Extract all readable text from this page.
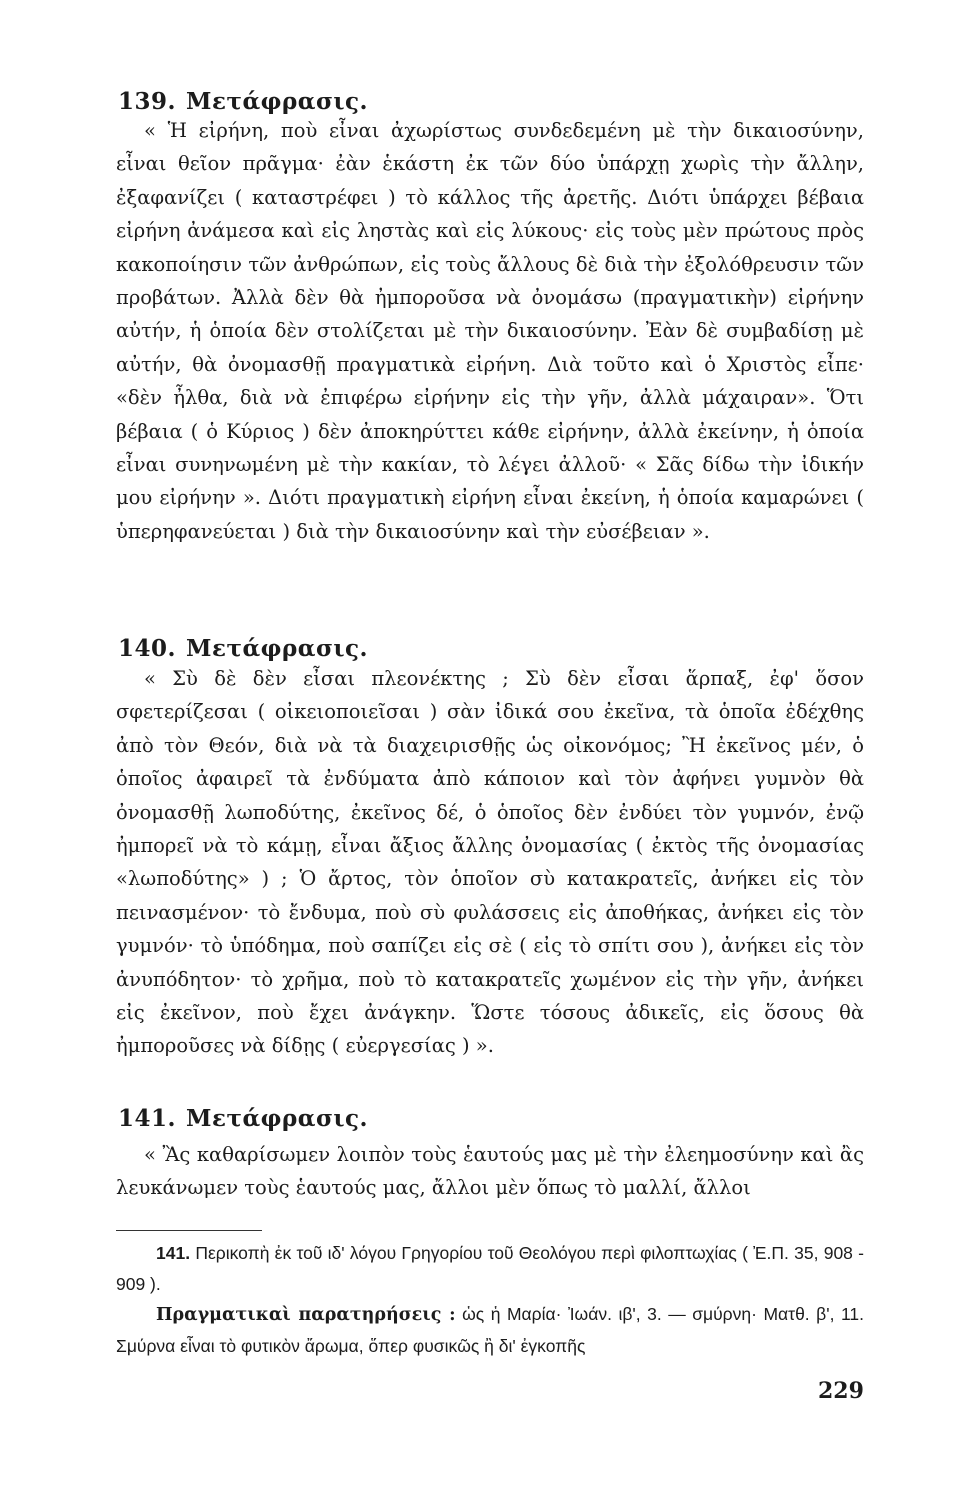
139. Μετάφρασις.

« Ἡ εἰρήνη, ποὺ εἶναι ἀχωρίστως συνδεδεμένη μὲ τὴν δικαιοσύνην, εἶναι θεῖον πρᾶγμα· ἐὰν ἑκάστη ἐκ τῶν δύο ὑπάρχῃ χωρὶς τὴν ἄλλην, ἐξαφανίζει ( καταστρέφει ) τὸ κάλλος τῆς ἀρετῆς. Διότι ὑπάρχει βέβαια εἰρήνη ἀνάμεσα καὶ εἰς ληστὰς καὶ εἰς λύκους· εἰς τοὺς μὲν πρώτους πρὸς κακοποίησιν τῶν ἀνθρώπων, εἰς τοὺς ἄλλους δὲ διὰ τὴν ἐξολόθρευσιν τῶν προβάτων. Ἀλλὰ δὲν θὰ ἠμποροῦσα νὰ ὀνομάσω (πραγματικὴν) εἰρήνην αὐτήν, ἡ ὁποία δὲν στολίζεται μὲ τὴν δικαιοσύνην. Ἐὰν δὲ συμβαδίσῃ μὲ αὐτήν, θὰ ὀνομασθῇ πραγματικὰ εἰρήνη. Διὰ τοῦτο καὶ ὁ Χριστὸς εἶπε· «δὲν ἦλθα, διὰ νὰ ἐπιφέρω εἰρήνην εἰς τὴν γῆν, ἀλλὰ μάχαιραν». Ὅτι βέβαια ( ὁ Κύριος ) δὲν ἀποκηρύττει κάθε εἰρήνην, ἀλλὰ ἐκείνην, ἡ ὁποία εἶναι συνηνωμένη μὲ τὴν κακίαν, τὸ λέγει ἀλλοῦ· « Σᾶς δίδω τὴν ἰδικήν μου εἰρήνην ». Διότι πραγματικὴ εἰρήνη εἶναι ἐκείνη, ἡ ὁποία καμαρώνει ( ὑπερηφανεύεται ) διὰ τὴν δικαιοσύνην καὶ τὴν εὐσέβειαν ».

140. Μετάφρασις.

« Σὺ δὲ δὲν εἶσαι πλεονέκτης ; Σὺ δὲν εἶσαι ἅρπαξ, ἐφ' ὅσον σφετερίζεσαι ( οἰκειοποιεῖσαι ) σὰν ἰδικά σου ἐκεῖνα, τὰ ὁποῖα ἐδέχθης ἀπὸ τὸν Θεόν, διὰ νὰ τὰ διαχειρισθῇς ὡς οἰκονόμος; Ἢ ἐκεῖνος μέν, ὁ ὁποῖος ἀφαιρεῖ τὰ ἐνδύματα ἀπὸ κάποιον καὶ τὸν ἀφήνει γυμνὸν θὰ ὀνομασθῇ λωποδύτης, ἐκεῖνος δέ, ὁ ὁποῖος δὲν ἐνδύει τὸν γυμνόν, ἐνῷ ἠμπορεῖ νὰ τὸ κάμῃ, εἶναι ἄξιος ἄλλης ὀνομασίας ( ἐκτὸς τῆς ὀνομασίας «λωποδύτης» ) ; Ὁ ἄρτος, τὸν ὁποῖον σὺ κατακρατεῖς, ἀνήκει εἰς τὸν πεινασμένον· τὸ ἔνδυμα, ποὺ σὺ φυλάσσεις εἰς ἀποθήκας, ἀνήκει εἰς τὸν γυμνόν· τὸ ὑπόδημα, ποὺ σαπίζει εἰς σὲ ( εἰς τὸ σπίτι σου ), ἀνήκει εἰς τὸν ἀνυπόδητον· τὸ χρῆμα, ποὺ τὸ κατακρατεῖς χωμένον εἰς τὴν γῆν, ἀνήκει εἰς ἐκεῖνον, ποὺ ἔχει ἀνάγκην. Ὥστε τόσους ἀδικεῖς, εἰς ὅσους θὰ ἠμποροῦσες νὰ δίδῃς ( εὐεργεσίας ) ».

141. Μετάφρασις.

« Ἂς καθαρίσωμεν λοιπὸν τοὺς ἑαυτούς μας μὲ τὴν ἐλεημοσύνην καὶ ἂς λευκάνωμεν τοὺς ἑαυτούς μας, ἄλλοι μὲν ὅπως τὸ μαλλί, ἄλλοι

141. Περικοπὴ ἐκ τοῦ ιδ' λόγου Γρηγορίου τοῦ Θεολόγου περὶ φιλοπτωχίας ( Ἐ.Π. 35, 908 - 909 ).
Πραγματικαὶ παρατηρήσεις : ὡς ἡ Μαρία· Ἰωάν. ιβ', 3. — σμύρνη· Ματθ. β', 11. Σμύρνα εἶναι τὸ φυτικὸν ἄρωμα, ὅπερ φυσικῶς ἢ δι' ἐγκοπῆς
229
